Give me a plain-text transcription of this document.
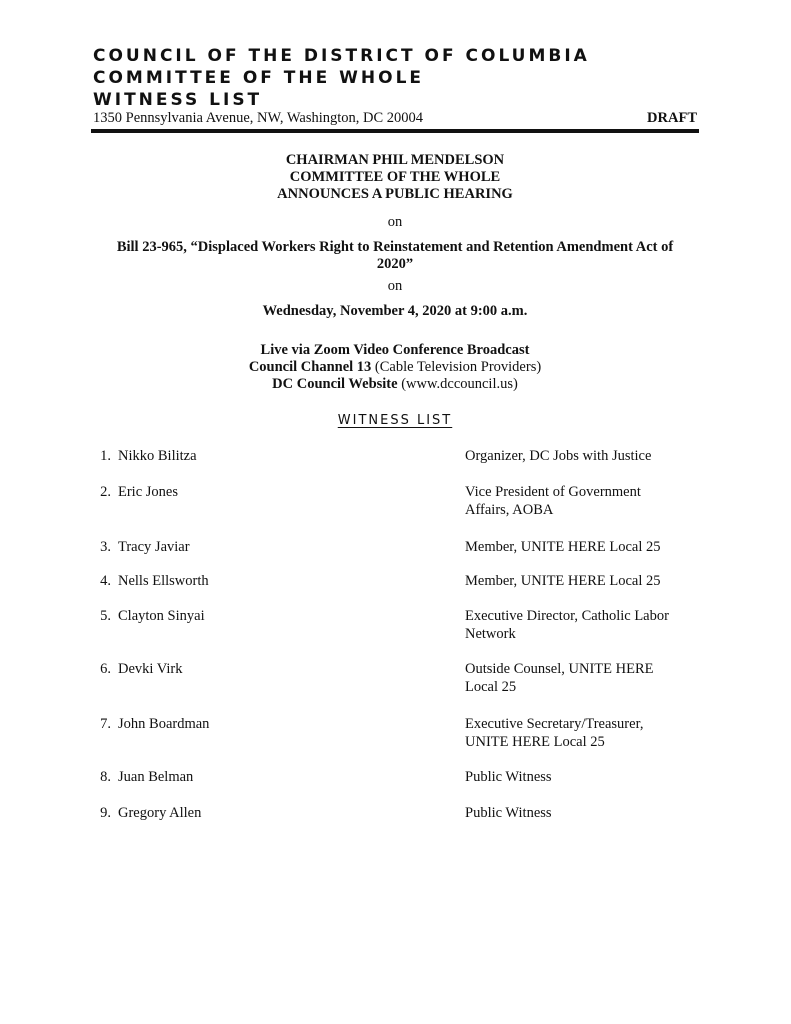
COUNCIL OF THE DISTRICT OF COLUMBIA
COMMITTEE OF THE WHOLE
WITNESS LIST
1350 Pennsylvania Avenue, NW, Washington, DC 20004	DRAFT
CHAIRMAN PHIL MENDELSON
COMMITTEE OF THE WHOLE
ANNOUNCES A PUBLIC HEARING
on
Bill 23-965, “Displaced Workers Right to Reinstatement and Retention Amendment Act of
2020”
on
Wednesday, November 4, 2020 at 9:00 a.m.
Live via Zoom Video Conference Broadcast
Council Channel 13 (Cable Television Providers)
DC Council Website (www.dccouncil.us)
WITNESS LIST
1. Nikko Bilitza	Organizer, DC Jobs with Justice
2. Eric Jones	Vice President of Government
Affairs, AOBA
3. Tracy Javiar	Member, UNITE HERE Local 25
4. Nells Ellsworth	Member, UNITE HERE Local 25
5. Clayton Sinyai	Executive Director, Catholic Labor
Network
6. Devki Virk	Outside Counsel, UNITE HERE
Local 25
7. John Boardman	Executive Secretary/Treasurer,
UNITE HERE Local 25
8. Juan Belman	Public Witness
9. Gregory Allen	Public Witness
